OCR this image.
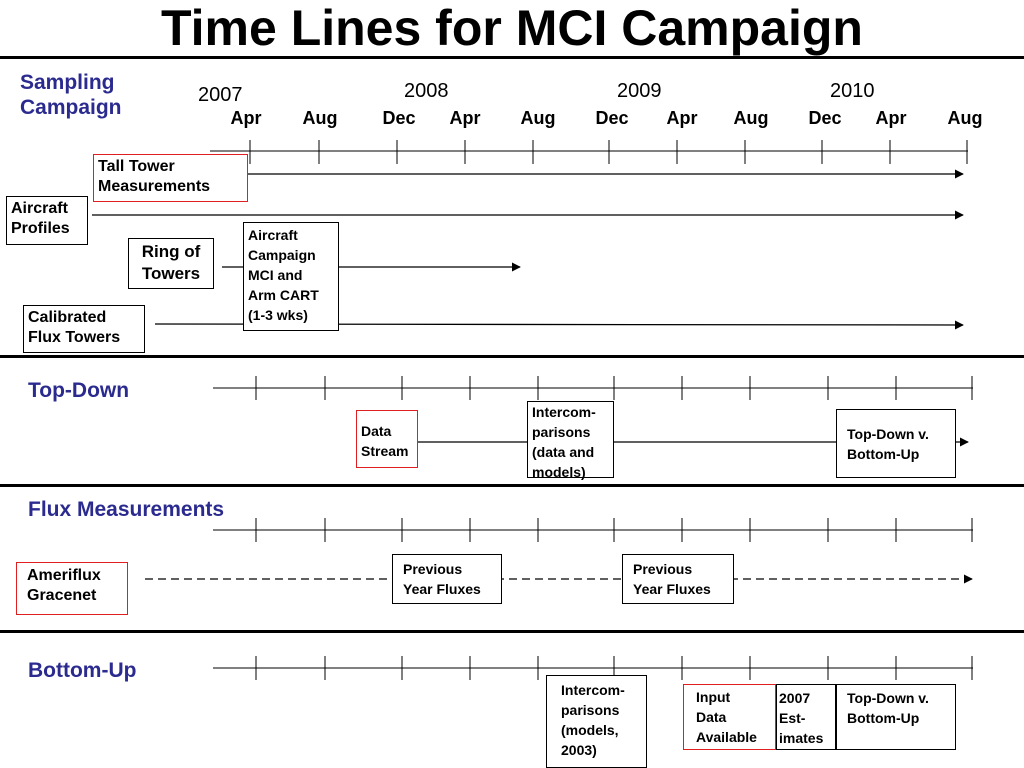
Time Lines for MCI Campaign
Sampling
Campaign
Top-Down
Flux Measurements
Bottom-Up
2007	2008	2009	2010
Apr	Aug	Dec	Apr	Aug	Dec	Apr	Aug	Dec	Apr	Aug
Tall Tower
Measurements
Aircraft
Profiles
Ring of
Towers
Aircraft
Campaign
MCI and
Arm CART
(1-3 wks)
Calibrated
Flux Towers
Data
Stream
Intercom-
parisons
(data and
models)
Top-Down v.
Bottom-Up
Ameriflux
Gracenet
Previous
Year Fluxes
Previous
Year Fluxes
Intercom-
parisons
(models,
2003)
Input
Data
Available
2007
Est-
imates
Top-Down v.
Bottom-Up
